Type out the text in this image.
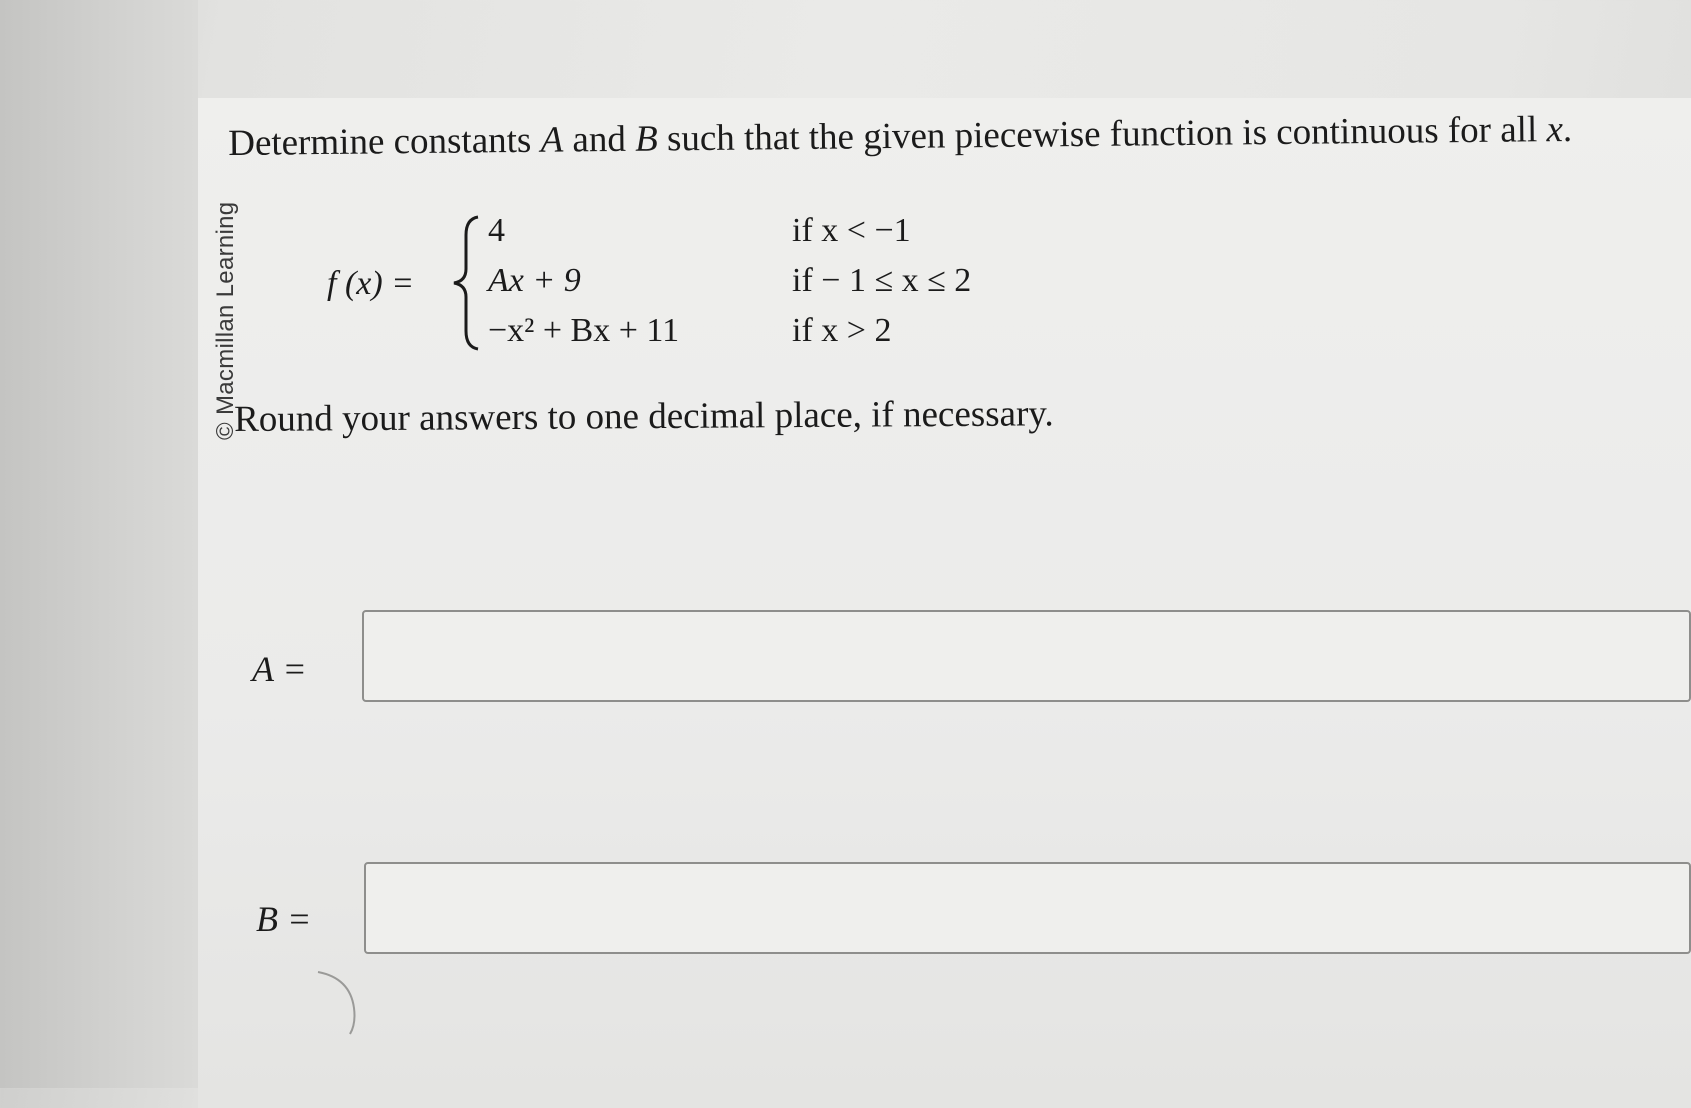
© Macmillan Learning
Determine constants A and B such that the given piecewise function is continuous for all x.
f (x) =
4	if x < −1
Ax + 9	if − 1 ≤ x ≤ 2
−x² + Bx + 11	if x > 2
Round your answers to one decimal place, if necessary.
A =
B =
